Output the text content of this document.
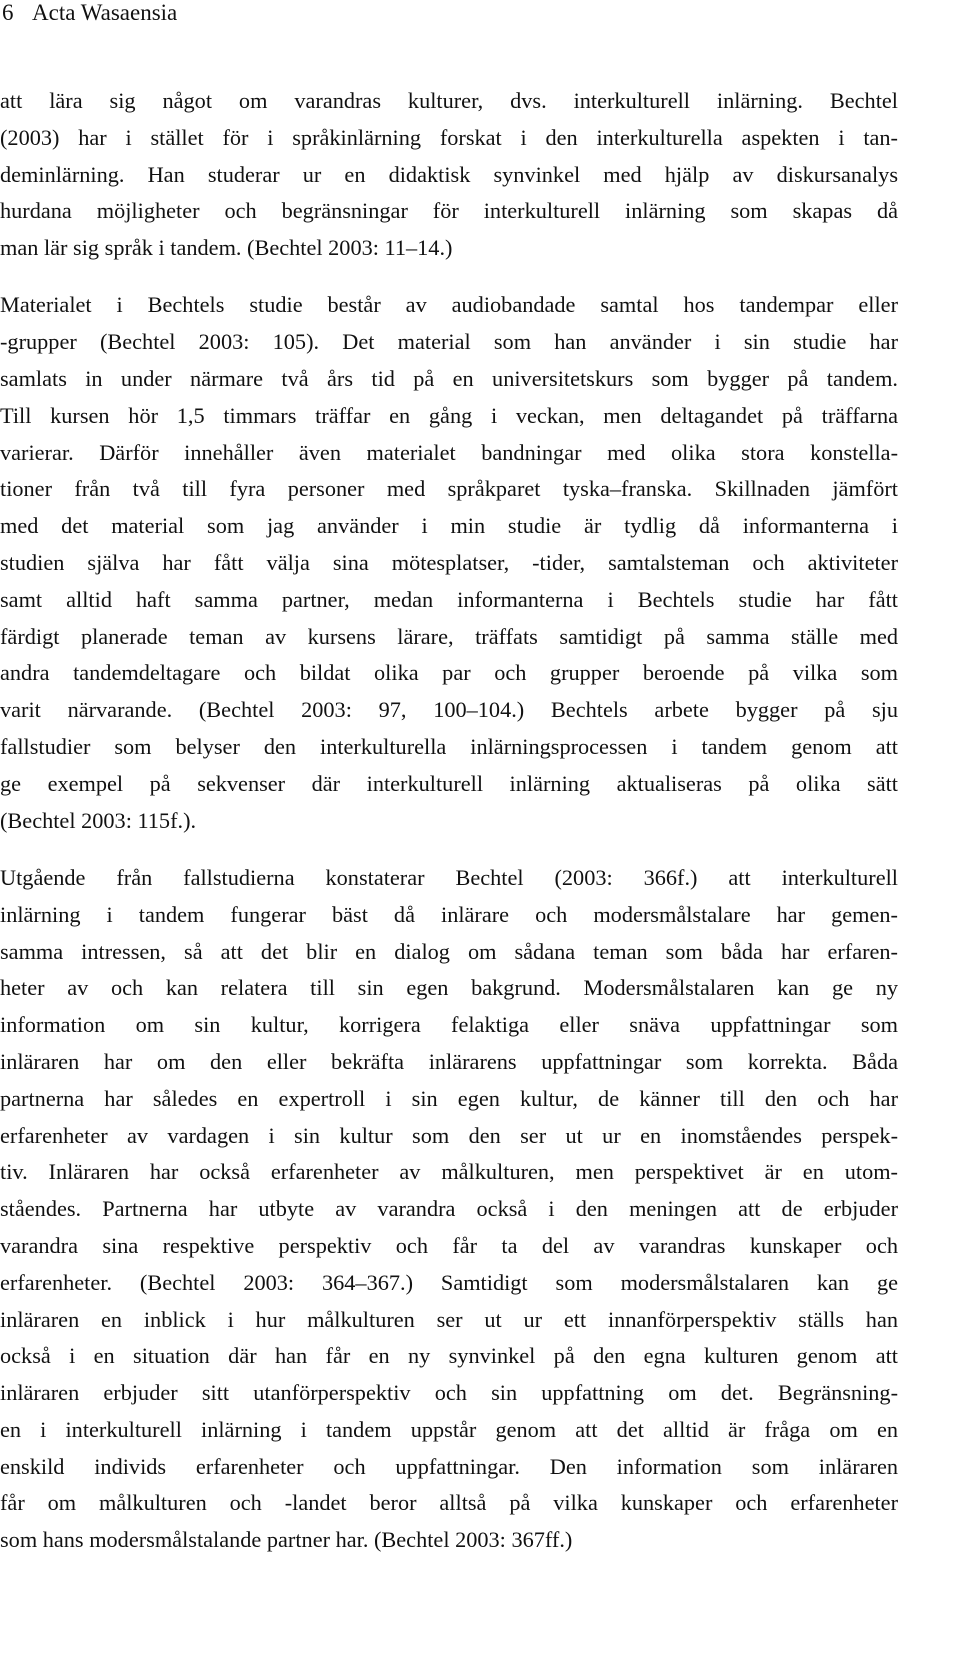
6 Acta Wasaensia

att lära sig något om varandras kulturer, dvs. interkulturell inlärning. Bechtel
(2003) har i stället för i språkinlärning forskat i den interkulturella aspekten i tan-
deminlärning. Han studerar ur en didaktisk synvinkel med hjälp av diskursanalys
hurdana möjligheter och begränsningar för interkulturell inlärning som skapas då
man lär sig språk i tandem. (Bechtel 2003: 11–14.)

Materialet i Bechtels studie består av audiobandade samtal hos tandempar eller
-grupper (Bechtel 2003: 105). Det material som han använder i sin studie har
samlats in under närmare två års tid på en universitetskurs som bygger på tandem.
Till kursen hör 1,5 timmars träffar en gång i veckan, men deltagandet på träffarna
varierar. Därför innehåller även materialet bandningar med olika stora konstella-
tioner från två till fyra personer med språkparet tyska–franska. Skillnaden jämfört
med det material som jag använder i min studie är tydlig då informanterna i
studien själva har fått välja sina mötesplatser, -tider, samtalsteman och aktiviteter
samt alltid haft samma partner, medan informanterna i Bechtels studie har fått
färdigt planerade teman av kursens lärare, träffats samtidigt på samma ställe med
andra tandemdeltagare och bildat olika par och grupper beroende på vilka som
varit närvarande. (Bechtel 2003: 97, 100–104.) Bechtels arbete bygger på sju
fallstudier som belyser den interkulturella inlärningsprocessen i tandem genom att
ge exempel på sekvenser där interkulturell inlärning aktualiseras på olika sätt
(Bechtel 2003: 115f.).

Utgående från fallstudierna konstaterar Bechtel (2003: 366f.) att interkulturell
inlärning i tandem fungerar bäst då inlärare och modersmålstalare har gemen-
samma intressen, så att det blir en dialog om sådana teman som båda har erfaren-
heter av och kan relatera till sin egen bakgrund. Modersmålstalaren kan ge ny
information om sin kultur, korrigera felaktiga eller snäva uppfattningar som
inläraren har om den eller bekräfta inlärarens uppfattningar som korrekta. Båda
partnerna har således en expertroll i sin egen kultur, de känner till den och har
erfarenheter av vardagen i sin kultur som den ser ut ur en inomståendes perspek-
tiv. Inläraren har också erfarenheter av målkulturen, men perspektivet är en utom-
ståendes. Partnerna har utbyte av varandra också i den meningen att de erbjuder
varandra sina respektive perspektiv och får ta del av varandras kunskaper och
erfarenheter. (Bechtel 2003: 364–367.) Samtidigt som modersmålstalaren kan ge
inläraren en inblick i hur målkulturen ser ut ur ett innanförperspektiv ställs han
också i en situation där han får en ny synvinkel på den egna kulturen genom att
inläraren erbjuder sitt utanförperspektiv och sin uppfattning om det. Begränsning-
en i interkulturell inlärning i tandem uppstår genom att det alltid är fråga om en
enskild individs erfarenheter och uppfattningar. Den information som inläraren
får om målkulturen och -landet beror alltså på vilka kunskaper och erfarenheter
som hans modersmålstalande partner har. (Bechtel 2003: 367ff.)
